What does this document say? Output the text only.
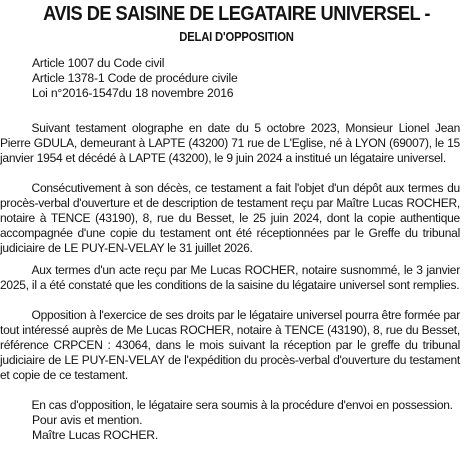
AVIS DE SAISINE DE LEGATAIRE UNIVERSEL -
DELAI D'OPPOSITION
Article 1007 du Code civil
Article 1378-1 Code de procédure civile
Loi n°2016-1547du 18 novembre 2016

Suivant testament olographe en date du 5 octobre 2023, Monsieur Lionel Jean Pierre GDULA, demeurant à LAPTE (43200) 71 rue de L'Eglise, né à LYON (69007), le 15 janvier 1954 et décédé à LAPTE (43200), le 9 juin 2024 a institué un légataire universel.

Consécutivement à son décès, ce testament a fait l'objet d'un dépôt aux termes du procès-verbal d'ouverture et de description de testament reçu par Maître Lucas ROCHER, notaire à TENCE (43190), 8, rue du Besset, le 25 juin 2024, dont la copie authentique accompagnée d'une copie du testament ont été réceptionnées par le Greffe du tribunal judiciaire de LE PUY-EN-VELAY le 31 juillet 2026.

Aux termes d'un acte reçu par Me Lucas ROCHER, notaire susnommé, le 3 janvier 2025, il a été constaté que les conditions de la saisine du légataire universel sont remplies.

Opposition à l'exercice de ses droits par le légataire universel pourra être formée par tout intéressé auprès de Me Lucas ROCHER, notaire à TENCE (43190), 8, rue du Besset, référence CRPCEN : 43064, dans le mois suivant la réception par le greffe du tribunal judiciaire de LE PUY-EN-VELAY de l'expédition du procès-verbal d'ouverture du testament et copie de ce testament.

En cas d'opposition, le légataire sera soumis à la procédure d'envoi en possession.

Pour avis et mention.
Maître Lucas ROCHER.
